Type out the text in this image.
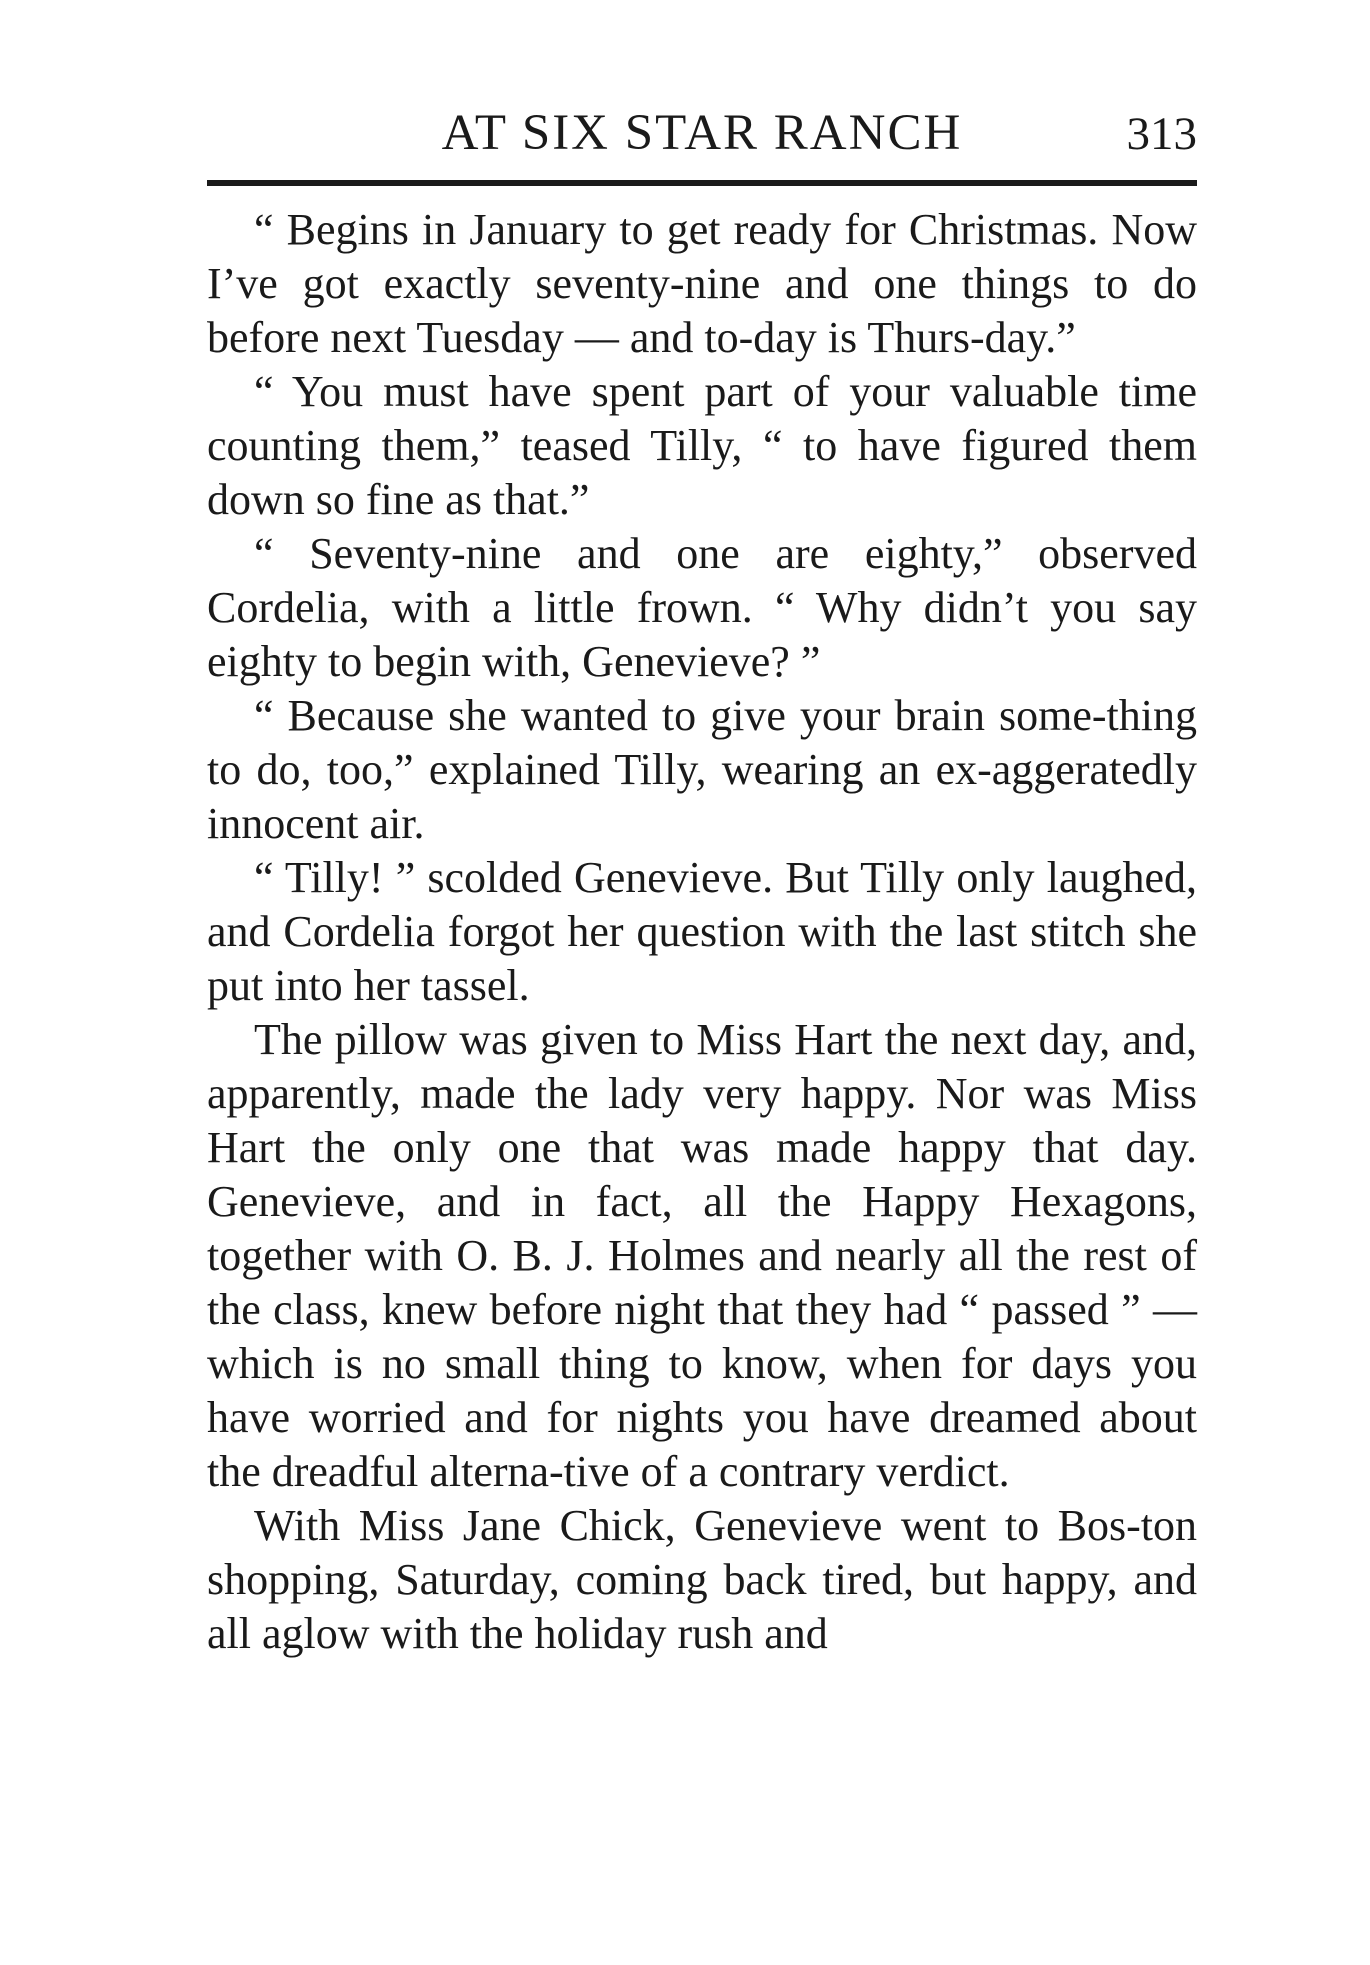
AT SIX STAR RANCH	313

“ Begins in January to get ready for Christmas. Now I’ve got exactly seventy-nine and one things to do before next Tuesday — and to-day is Thurs-day.”

“ You must have spent part of your valuable time counting them,” teased Tilly, “ to have figured them down so fine as that.”

“ Seventy-nine and one are eighty,” observed Cordelia, with a little frown. “ Why didn’t you say eighty to begin with, Genevieve? ”

“ Because she wanted to give your brain some-thing to do, too,” explained Tilly, wearing an ex-aggeratedly innocent air.

“ Tilly! ” scolded Genevieve. But Tilly only laughed, and Cordelia forgot her question with the last stitch she put into her tassel.

The pillow was given to Miss Hart the next day, and, apparently, made the lady very happy. Nor was Miss Hart the only one that was made happy that day. Genevieve, and in fact, all the Happy Hexagons, together with O. B. J. Holmes and nearly all the rest of the class, knew before night that they had “ passed ” — which is no small thing to know, when for days you have worried and for nights you have dreamed about the dreadful alterna-tive of a contrary verdict.

With Miss Jane Chick, Genevieve went to Bos-ton shopping, Saturday, coming back tired, but happy, and all aglow with the holiday rush and
